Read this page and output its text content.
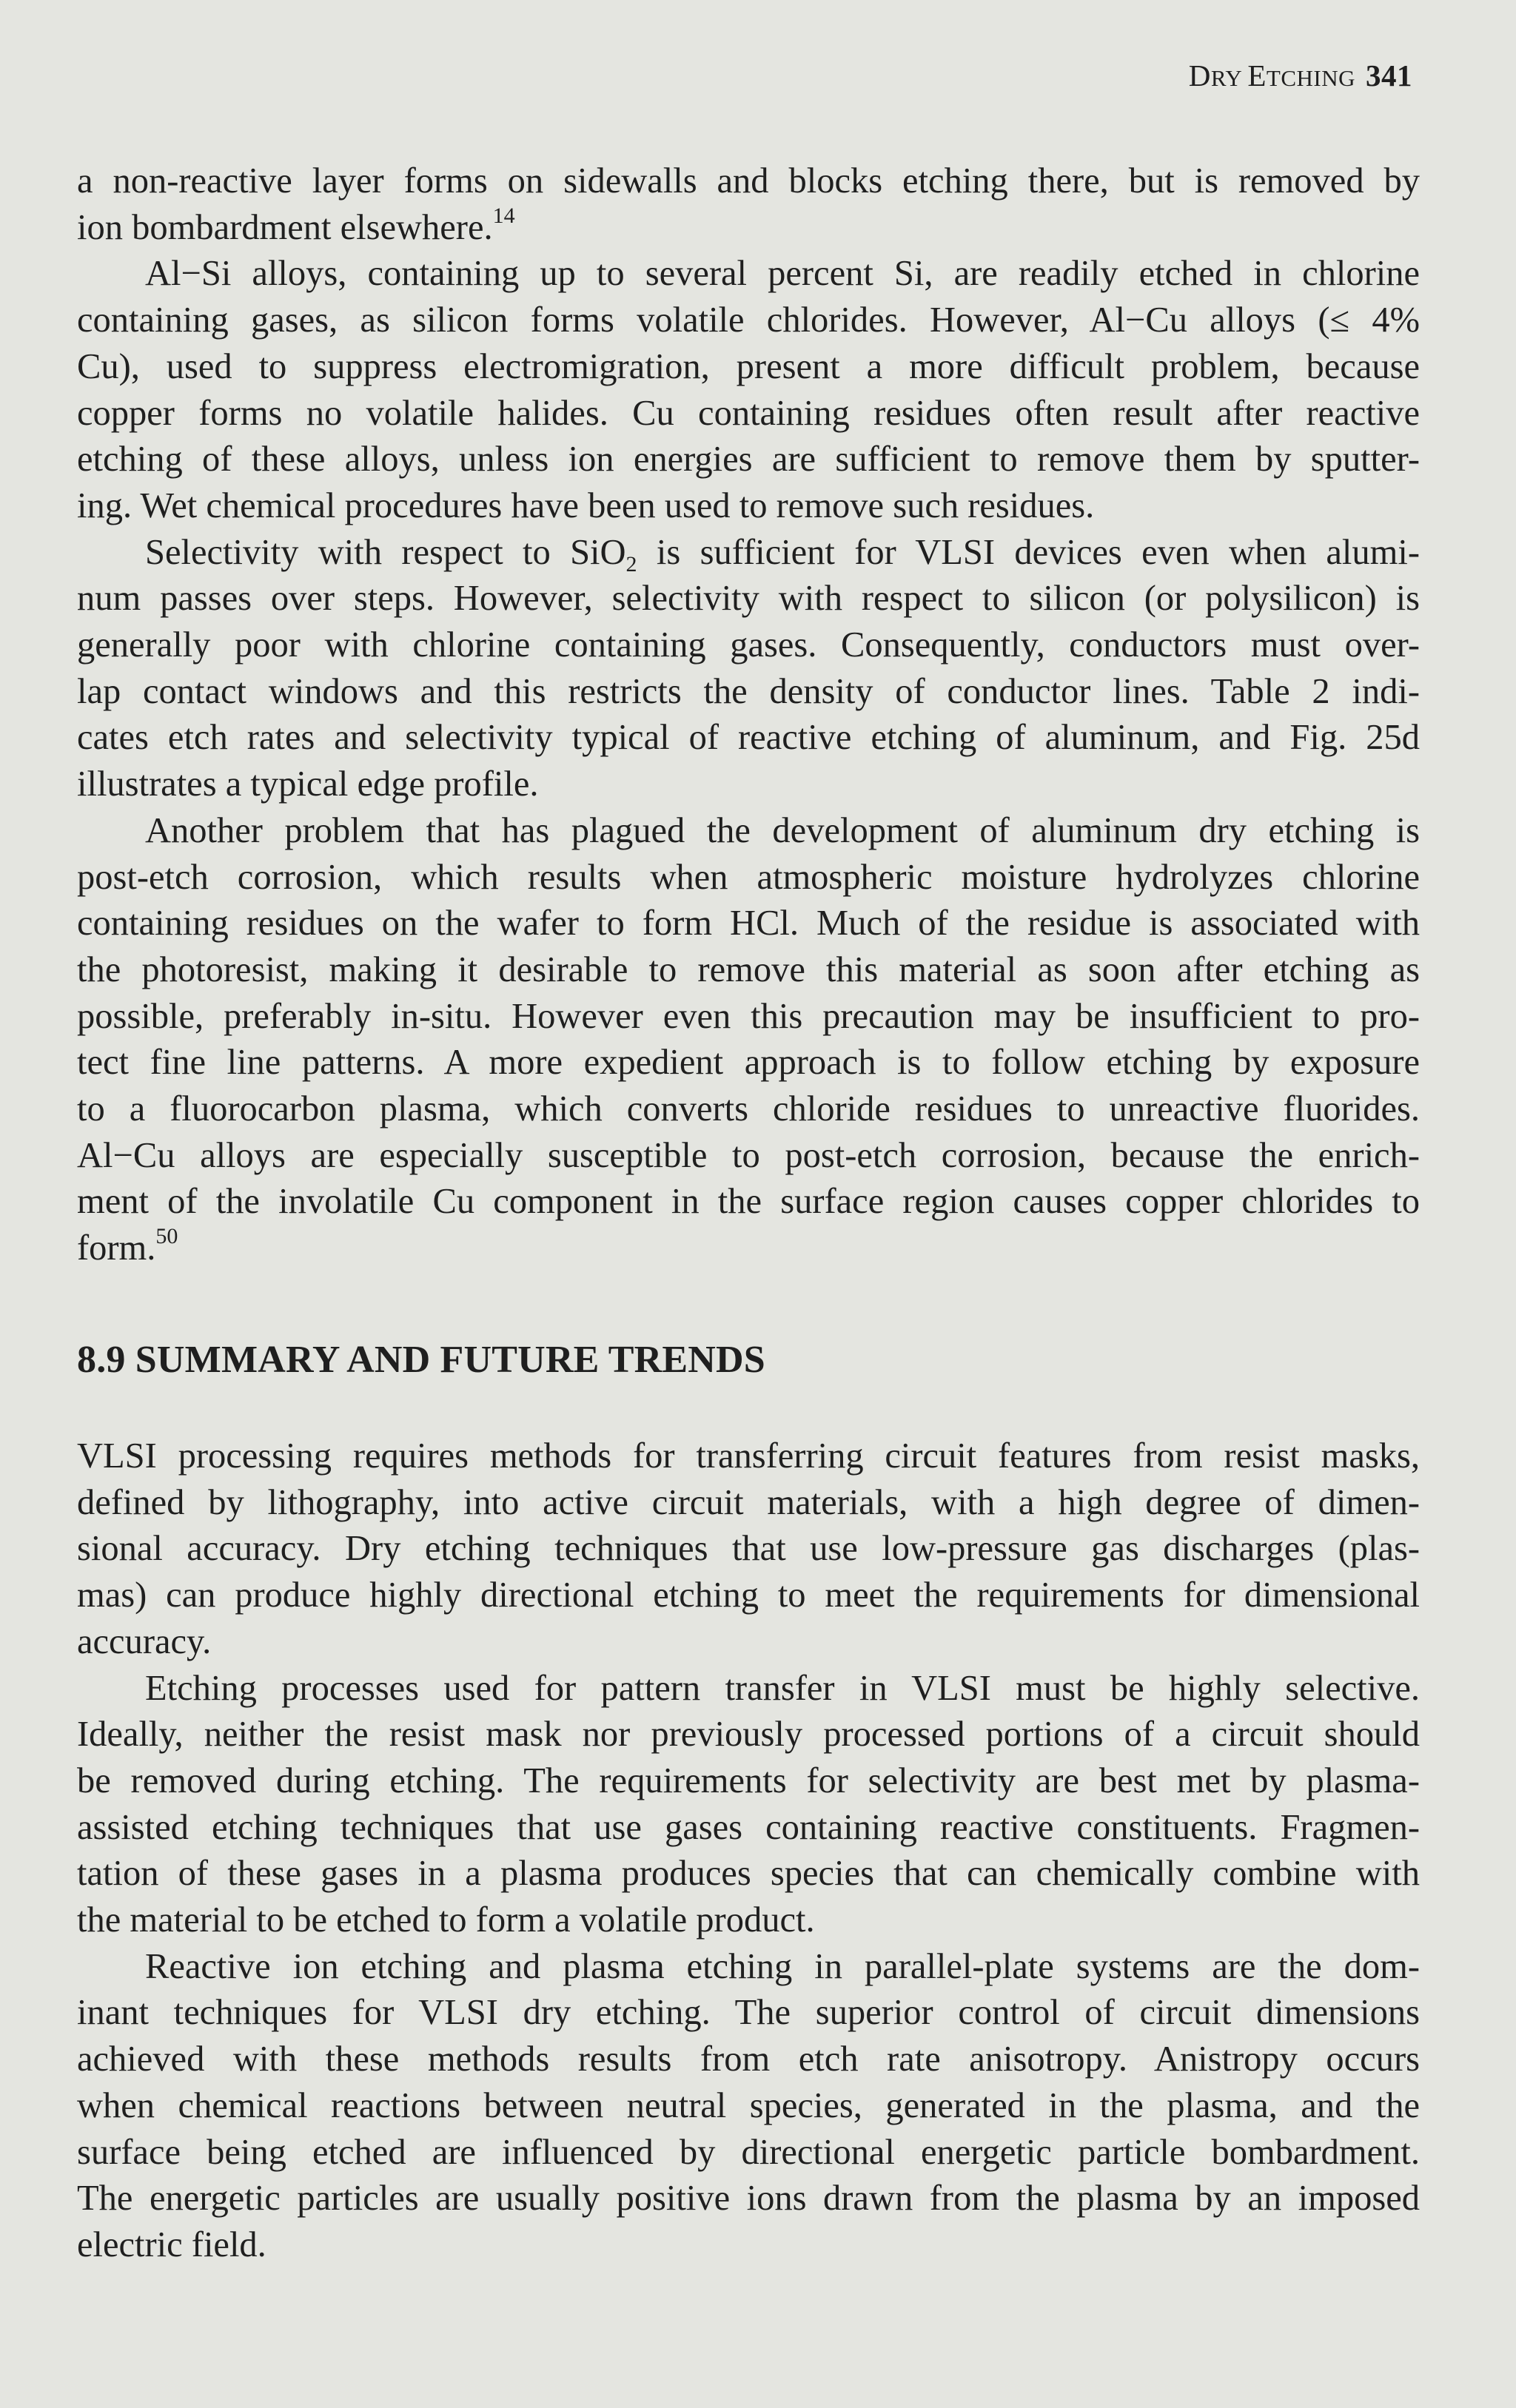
DRY ETCHING 341
a non-reactive layer forms on sidewalls and blocks etching there, but is removed by
ion bombardment elsewhere.$^{14}$
Al−Si alloys, containing up to several percent Si, are readily etched in chlorine
containing gases, as silicon forms volatile chlorides. However, Al−Cu alloys (≤ 4%
Cu), used to suppress electromigration, present a more difficult problem, because
copper forms no volatile halides. Cu containing residues often result after reactive
etching of these alloys, unless ion energies are sufficient to remove them by sputter-
ing. Wet chemical procedures have been used to remove such residues.
Selectivity with respect to SiO$_2$ is sufficient for VLSI devices even when alumi-
num passes over steps. However, selectivity with respect to silicon (or polysilicon) is
generally poor with chlorine containing gases. Consequently, conductors must over-
lap contact windows and this restricts the density of conductor lines. Table 2 indi-
cates etch rates and selectivity typical of reactive etching of aluminum, and Fig. 25d
illustrates a typical edge profile.
Another problem that has plagued the development of aluminum dry etching is
post-etch corrosion, which results when atmospheric moisture hydrolyzes chlorine
containing residues on the wafer to form HCl. Much of the residue is associated with
the photoresist, making it desirable to remove this material as soon after etching as
possible, preferably in-situ. However even this precaution may be insufficient to pro-
tect fine line patterns. A more expedient approach is to follow etching by exposure
to a fluorocarbon plasma, which converts chloride residues to unreactive fluorides.
Al−Cu alloys are especially susceptible to post-etch corrosion, because the enrich-
ment of the involatile Cu component in the surface region causes copper chlorides to
form.$^{50}$
8.9 SUMMARY AND FUTURE TRENDS
VLSI processing requires methods for transferring circuit features from resist masks,
defined by lithography, into active circuit materials, with a high degree of dimen-
sional accuracy. Dry etching techniques that use low-pressure gas discharges (plas-
mas) can produce highly directional etching to meet the requirements for dimensional
accuracy.
Etching processes used for pattern transfer in VLSI must be highly selective.
Ideally, neither the resist mask nor previously processed portions of a circuit should
be removed during etching. The requirements for selectivity are best met by plasma-
assisted etching techniques that use gases containing reactive constituents. Fragmen-
tation of these gases in a plasma produces species that can chemically combine with
the material to be etched to form a volatile product.
Reactive ion etching and plasma etching in parallel-plate systems are the dom-
inant techniques for VLSI dry etching. The superior control of circuit dimensions
achieved with these methods results from etch rate anisotropy. Anistropy occurs
when chemical reactions between neutral species, generated in the plasma, and the
surface being etched are influenced by directional energetic particle bombardment.
The energetic particles are usually positive ions drawn from the plasma by an imposed
electric field.
